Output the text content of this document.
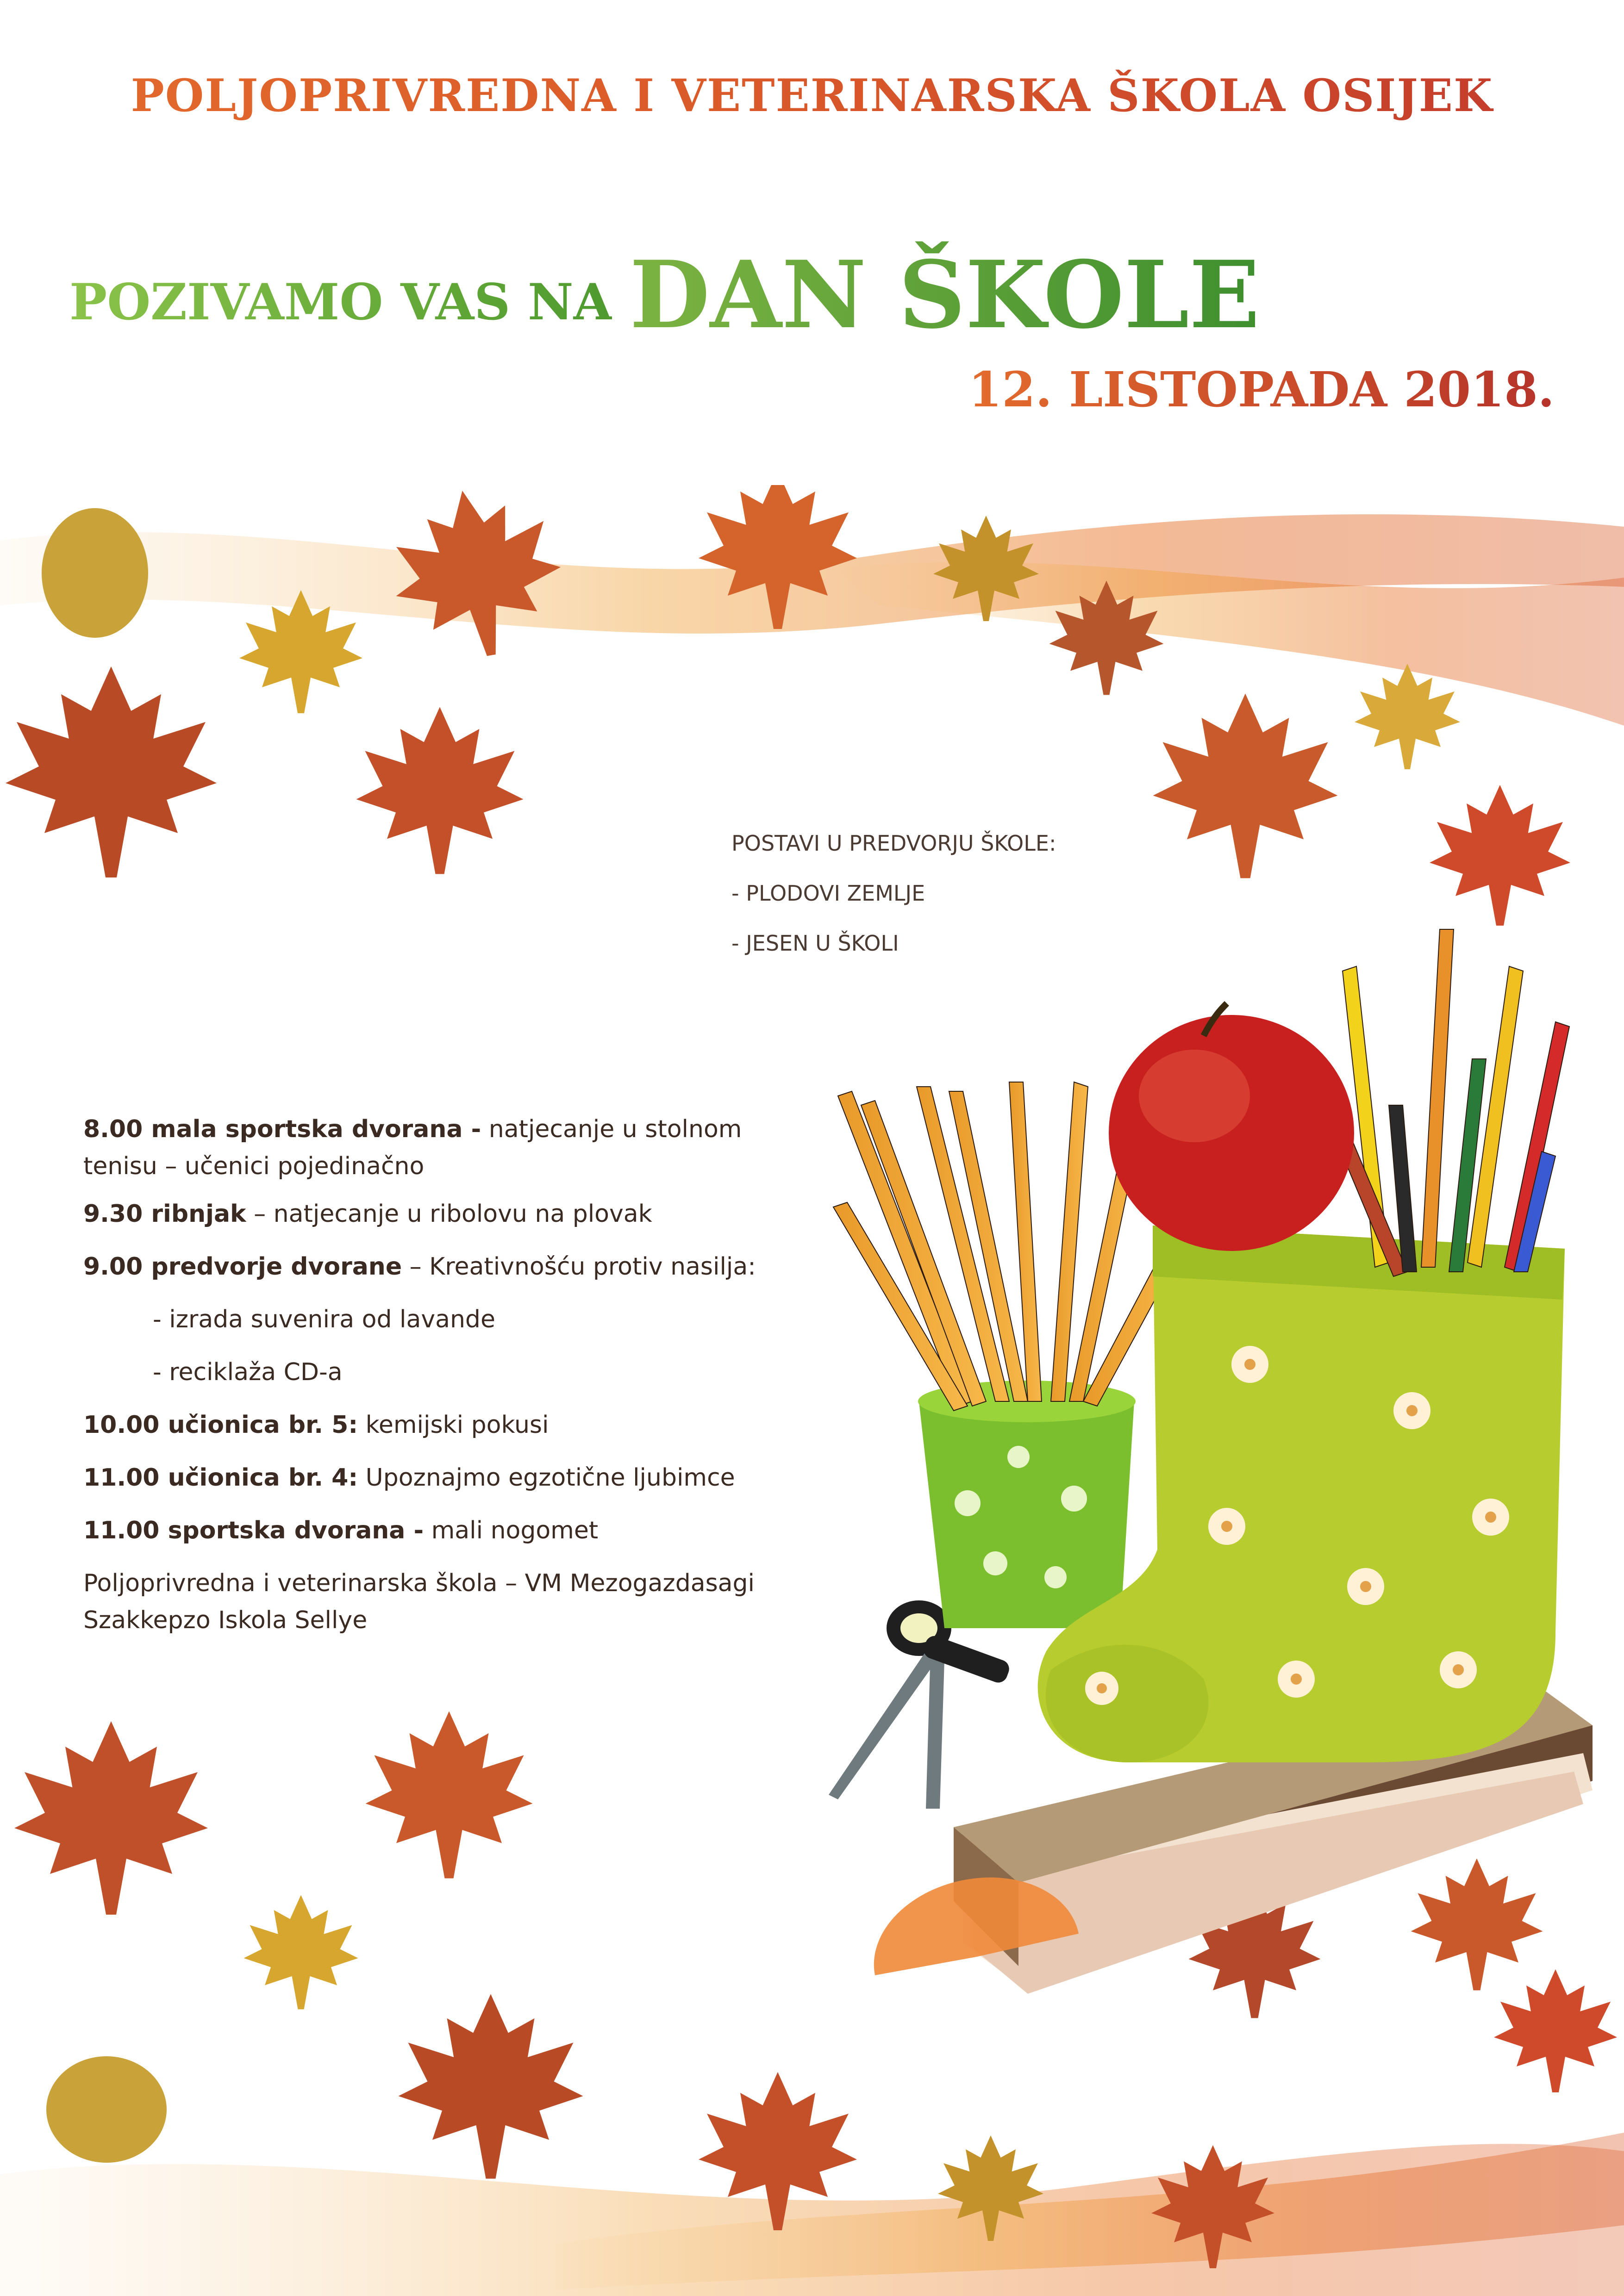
POLJOPRIVREDNA I VETERINARSKA ŠKOLA OSIJEK
POZIVAMO VAS NA DAN ŠKOLE
12. LISTOPADA 2018.
POSTAVI U PREDVORJU ŠKOLE:
- PLODOVI ZEMLJE
- JESEN U ŠKOLI
8.00 mala sportska dvorana - natjecanje u stolnom tenisu – učenici pojedinačno
9.30 ribnjak – natjecanje u ribolovu na plovak
9.00 predvorje dvorane – Kreativnošću protiv nasilja:
- izrada suvenira od lavande
- reciklaža CD-a
10.00 učionica br. 5: kemijski pokusi
11.00 učionica br. 4: Upoznajmo egzotične ljubimce
11.00 sportska dvorana - mali nogomet
Poljoprivredna i veterinarska škola – VM Mezogazdasagi
Szakkepzo Iskola Sellye
